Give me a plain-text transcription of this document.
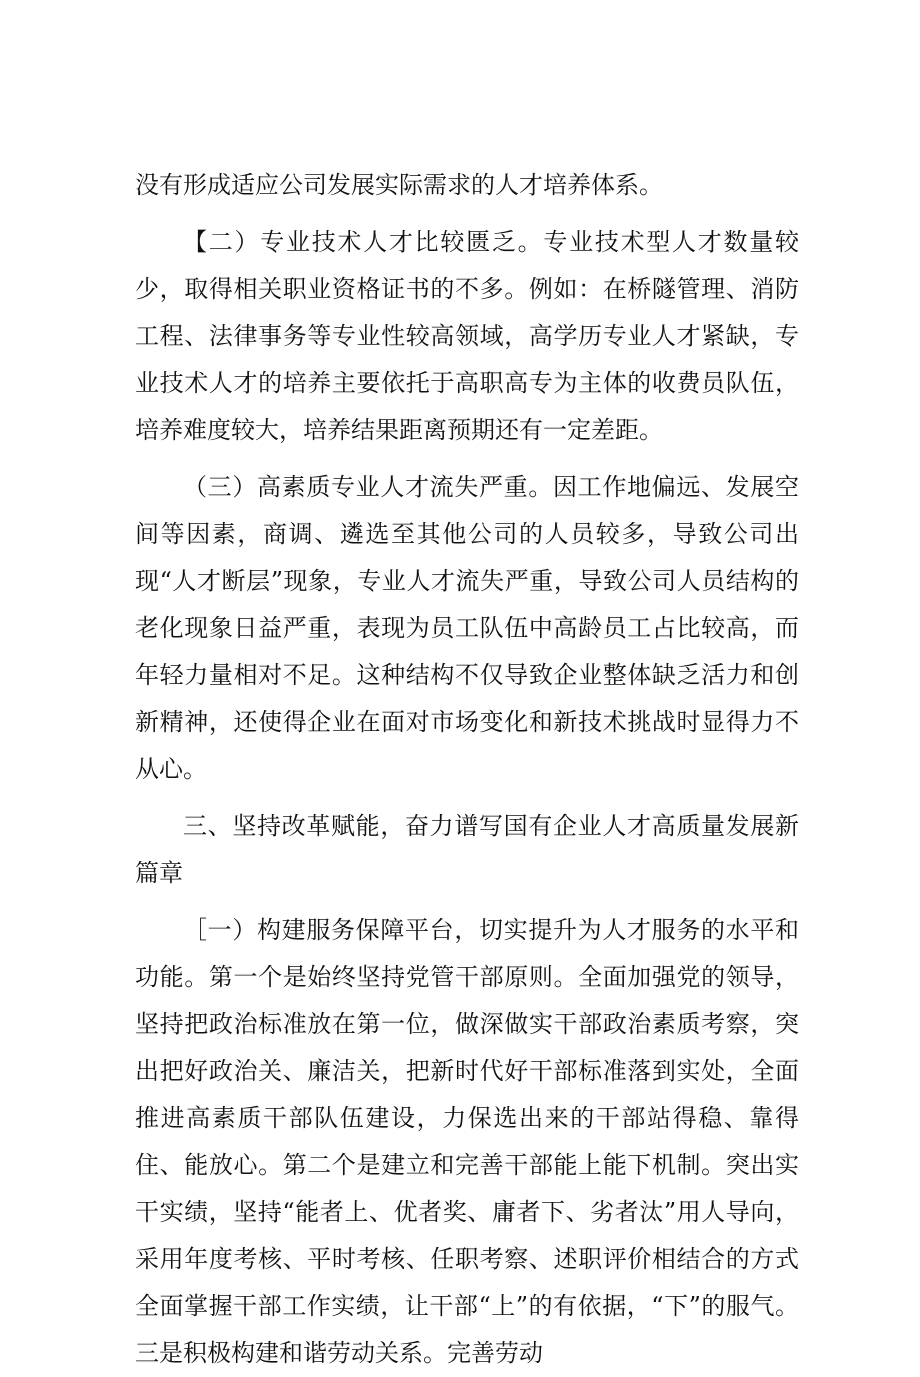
没有形成适应公司发展实际需求的人才培养体系。

【二）专业技术人才比较匮乏。专业技术型人才数量较少，取得相关职业资格证书的不多。例如：在桥隧管理、消防工程、法律事务等专业性较高领域，高学历专业人才紧缺，专业技术人才的培养主要依托于高职高专为主体的收费员队伍，培养难度较大，培养结果距离预期还有一定差距。

（三）高素质专业人才流失严重。因工作地偏远、发展空间等因素，商调、遴选至其他公司的人员较多，导致公司出现“人才断层”现象，专业人才流失严重，导致公司人员结构的老化现象日益严重，表现为员工队伍中高龄员工占比较高，而年轻力量相对不足。这种结构不仅导致企业整体缺乏活力和创新精神，还使得企业在面对市场变化和新技术挑战时显得力不从心。

三、坚持改革赋能，奋力谱写国有企业人才高质量发展新篇章

［一）构建服务保障平台，切实提升为人才服务的水平和功能。第一个是始终坚持党管干部原则。全面加强党的领导，坚持把政治标准放在第一位，做深做实干部政治素质考察，突出把好政治关、廉洁关，把新时代好干部标准落到实处，全面推进高素质干部队伍建设，力保选出来的干部站得稳、靠得住、能放心。第二个是建立和完善干部能上能下机制。突出实干实绩，坚持“能者上、优者奖、庸者下、劣者汰”用人导向，采用年度考核、平时考核、任职考察、述职评价相结合的方式全面掌握干部工作实绩，让干部“上”的有依据，“下”的服气。三是积极构建和谐劳动关系。完善劳动
